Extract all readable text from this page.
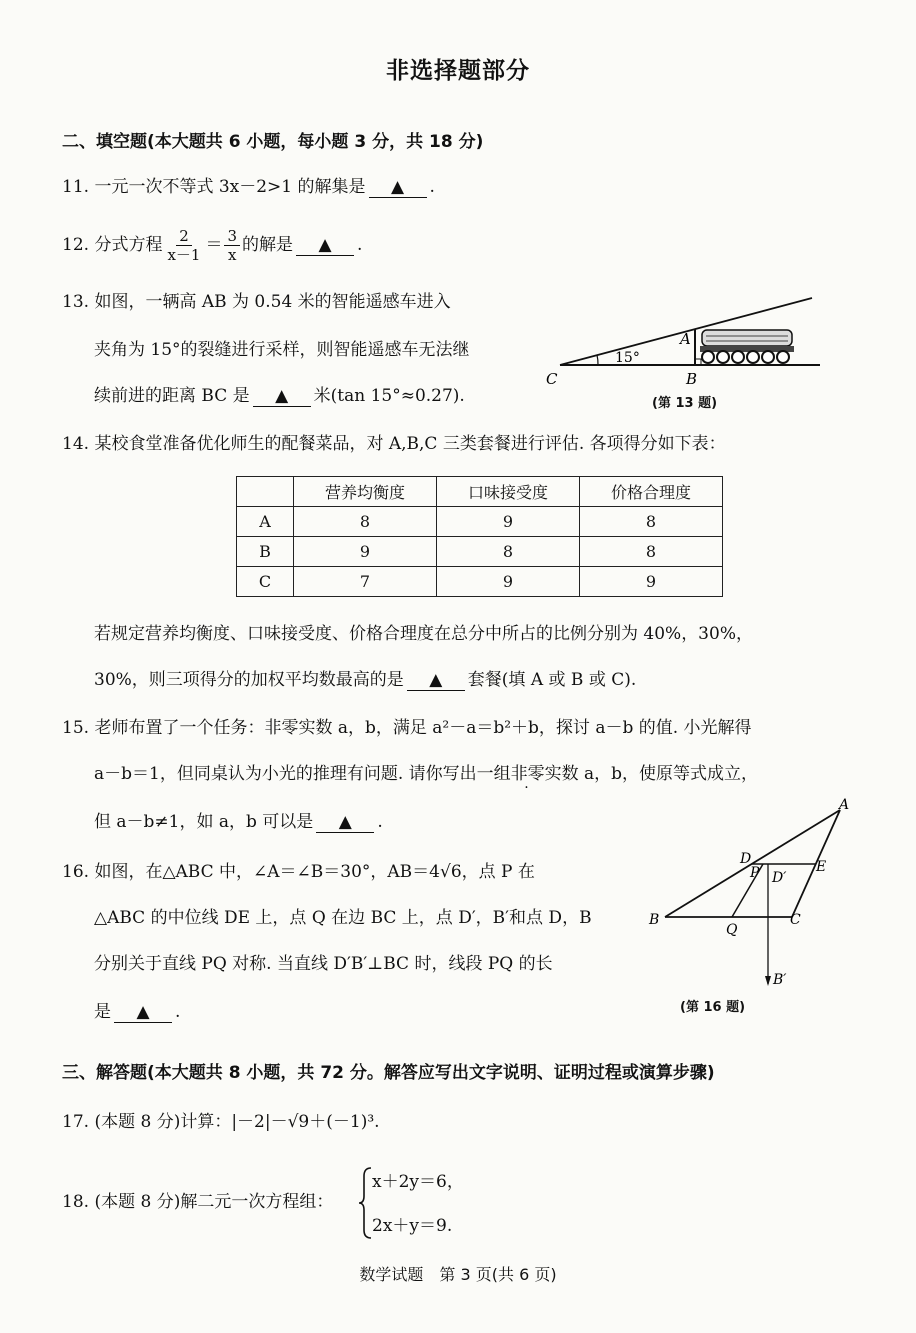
非选择题部分
二、填空题(本大题共 6 小题，每小题 3 分，共 18 分)
11. 一元一次不等式 3x－2>1 的解集是 ▲ .
12. 分式方程 $\frac{2}{x-1} = \frac{3}{x}$ 的解是 ▲ .
13. 如图，一辆高 AB 为 0.54 米的智能遥感车进入
夹角为 15°的裂缝进行采样，则智能遥感车无法继
续前进的距离 BC 是 ▲ 米(tan 15°≈0.27).
A
B
C
15°
(第 13 题)
14. 某校食堂准备优化师生的配餐菜品，对 A,B,C 三类套餐进行评估. 各项得分如下表：
	营养均衡度	口味接受度	价格合理度
A	8	9	8
B	9	8	8
C	7	9	9
若规定营养均衡度、口味接受度、价格合理度在总分中所占的比例分别为 40%，30%，
30%，则三项得分的加权平均数最高的是 ▲ 套餐(填 A 或 B 或 C).
15. 老师布置了一个任务：非零实数 a，b，满足 a²－a＝b²＋b，探讨 a－b 的值. 小光解得
a－b＝1，但同桌认为小光的推理有问题. 请你写出一组非零实数 a，b，使原等式成立，
但 a－b≠1，如 a，b 可以是 ▲ .
16. 如图，在△ABC 中，∠A＝∠B＝30°，AB＝4√6，点 P 在
△ABC 的中位线 DE 上，点 Q 在边 BC 上，点 D′，B′和点 D，B
分别关于直线 PQ 对称. 当直线 D′B′⊥BC 时，线段 PQ 的长
是 ▲ .
A
B	C
D	E
P
Q
D′
B′
(第 16 题)
三、解答题(本大题共 8 小题，共 72 分。解答应写出文字说明、证明过程或演算步骤)
17. (本题 8 分)计算：|－2|－√9＋(－1)³.
18. (本题 8 分)解二元一次方程组：
x＋2y＝6，
2x＋y＝9.
数学试题　第 3 页(共 6 页)
